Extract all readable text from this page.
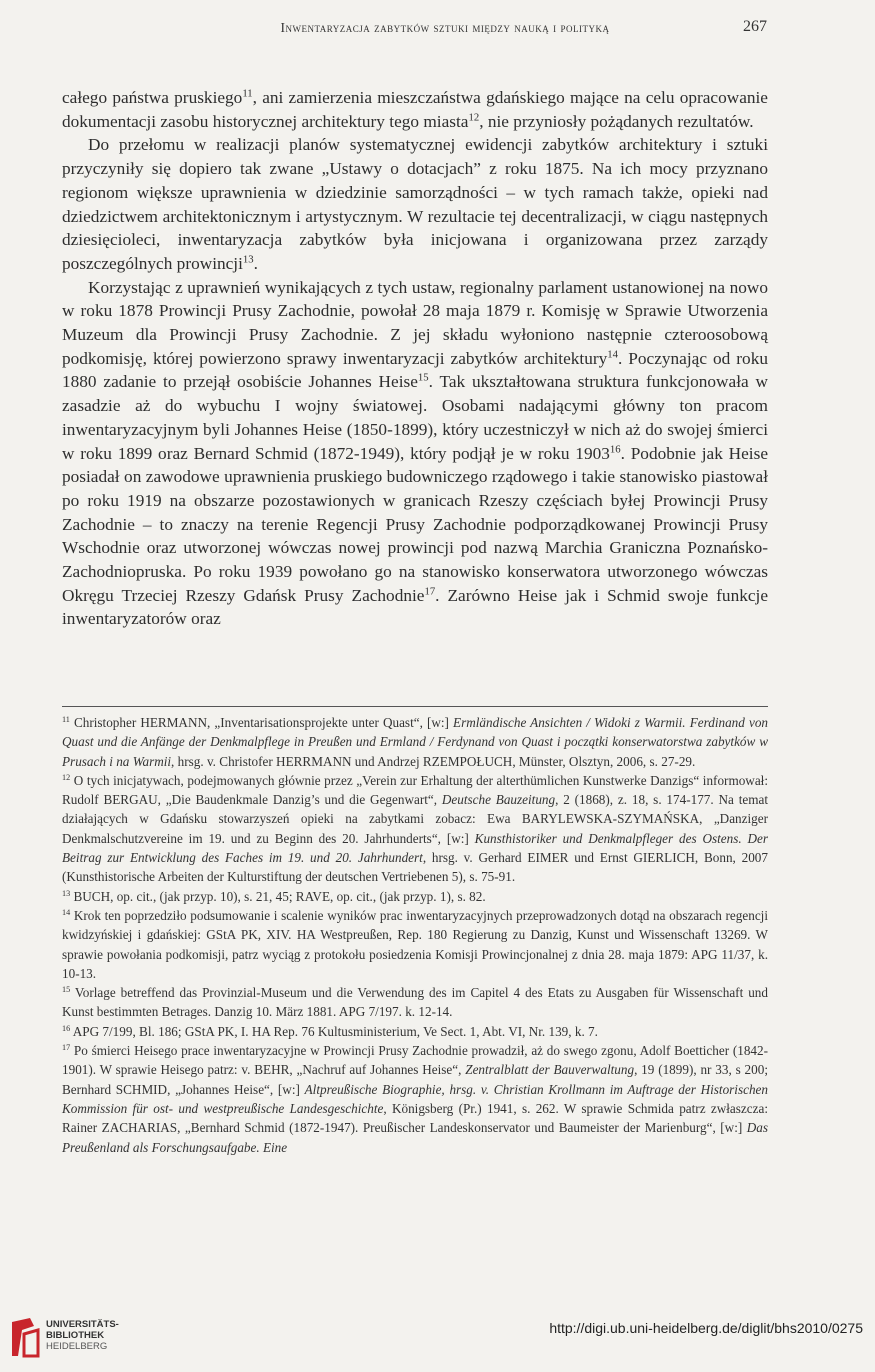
Inwentaryzacja zabytków sztuki między nauką i polityką	267

całego państwa pruskiego$^{11}$, ani zamierzenia mieszczaństwa gdańskiego mające na celu opracowanie dokumentacji zasobu historycznej architektury tego miasta$^{12}$, nie przyniosły pożądanych rezultatów.

Do przełomu w realizacji planów systematycznej ewidencji zabytków architektury i sztuki przyczyniły się dopiero tak zwane „Ustawy o dotacjach” z roku 1875. Na ich mocy przyznano regionom większe uprawnienia w dziedzinie samorządności – w tych ramach także, opieki nad dziedzictwem architektonicznym i artystycznym. W rezultacie tej decentralizacji, w ciągu następnych dziesięcioleci, inwentaryzacja zabytków była inicjowana i organizowana przez zarządy poszczególnych prowincji$^{13}$.

Korzystając z uprawnień wynikających z tych ustaw, regionalny parlament ustanowionej na nowo w roku 1878 Prowincji Prusy Zachodnie, powołał 28 maja 1879 r. Komisję w Sprawie Utworzenia Muzeum dla Prowincji Prusy Zachodnie. Z jej składu wyłoniono następnie czteroosobową podkomisję, której powierzono sprawy inwentaryzacji zabytków architektury$^{14}$. Poczynając od roku 1880 zadanie to przejął osobiście Johannes Heise$^{15}$. Tak ukształtowana struktura funkcjonowała w zasadzie aż do wybuchu I wojny światowej. Osobami nadającymi główny ton pracom inwentaryzacyjnym byli Johannes Heise (1850-1899), który uczestniczył w nich aż do swojej śmierci w roku 1899 oraz Bernard Schmid (1872-1949), który podjął je w roku 1903$^{16}$. Podobnie jak Heise posiadał on zawodowe uprawnienia pruskiego budowniczego rządowego i takie stanowisko piastował po roku 1919 na obszarze pozostawionych w granicach Rzeszy częściach byłej Prowincji Prusy Zachodnie – to znaczy na terenie Regencji Prusy Zachodnie podporządkowanej Prowincji Prusy Wschodnie oraz utworzonej wówczas nowej prowincji pod nazwą Marchia Graniczna Poznańsko-Zachodniopruska. Po roku 1939 powołano go na stanowisko konserwatora utworzonego wówczas Okręgu Trzeciej Rzeszy Gdańsk Prusy Zachodnie$^{17}$. Zarówno Heise jak i Schmid swoje funkcje inwentaryzatorów oraz

$^{11}$ Christopher HERMANN, „Inventarisationsprojekte unter Quast“, [w:] Ermländische Ansichten / Widoki z Warmii. Ferdinand von Quast und die Anfänge der Denkmalpflege in Preußen und Ermland / Ferdynand von Quast i początki konserwatorstwa zabytków w Prusach i na Warmii, hrsg. v. Christofer HERRMANN und Andrzej RZEMPOŁUCH, Münster, Olsztyn, 2006, s. 27-29.

$^{12}$ O tych inicjatywach, podejmowanych głównie przez „Verein zur Erhaltung der alterthümlichen Kunstwerke Danzigs“ informował: Rudolf BERGAU, „Die Baudenkmale Danzig’s und die Gegenwart“, Deutsche Bauzeitung, 2 (1868), z. 18, s. 174-177. Na temat działających w Gdańsku stowarzyszeń opieki na zabytkami zobacz: Ewa BARYLEWSKA-SZYMAŃSKA, „Danziger Denkmalschutzvereine im 19. und zu Beginn des 20. Jahrhunderts“, [w:] Kunsthistoriker und Denkmalpfleger des Ostens. Der Beitrag zur Entwicklung des Faches im 19. und 20. Jahrhundert, hrsg. v. Gerhard EIMER und Ernst GIERLICH, Bonn, 2007 (Kunsthistorische Arbeiten der Kulturstiftung der deutschen Vertriebenen 5), s. 75-91.

$^{13}$ BUCH, op. cit., (jak przyp. 10), s. 21, 45; RAVE, op. cit., (jak przyp. 1), s. 82.

$^{14}$ Krok ten poprzedziło podsumowanie i scalenie wyników prac inwentaryzacyjnych przeprowadzonych dotąd na obszarach regencji kwidzyńskiej i gdańskiej: GStA PK, XIV. HA Westpreußen, Rep. 180 Regierung zu Danzig, Kunst und Wissenschaft 13269. W sprawie powołania podkomisji, patrz wyciąg z protokołu posiedzenia Komisji Prowincjonalnej z dnia 28. maja 1879: APG 11/37, k. 10-13.

$^{15}$ Vorlage betreffend das Provinzial-Museum und die Verwendung des im Capitel 4 des Etats zu Ausgaben für Wissenschaft und Kunst bestimmten Betrages. Danzig 10. März 1881. APG 7/197. k. 12-14.

$^{16}$ APG 7/199, Bl. 186; GStA PK, I. HA Rep. 76 Kultusministerium, Ve Sect. 1, Abt. VI, Nr. 139, k. 7.

$^{17}$ Po śmierci Heisego prace inwentaryzacyjne w Prowincji Prusy Zachodnie prowadził, aż do swego zgonu, Adolf Boetticher (1842-1901). W sprawie Heisego patrz: v. BEHR, „Nachruf auf Johannes Heise“, Zentralblatt der Bauverwaltung, 19 (1899), nr 33, s 200; Bernhard SCHMID, „Johannes Heise“, [w:] Altpreußische Biographie, hrsg. v. Christian Krollmann im Auftrage der Historischen Kommission für ost- und westpreußische Landesgeschichte, Königsberg (Pr.) 1941, s. 262. W sprawie Schmida patrz zwłaszcza: Rainer ZACHARIAS, „Bernhard Schmid (1872-1947). Preußischer Landeskonservator und Baumeister der Marienburg“, [w:] Das Preußenland als Forschungsaufgabe. Eine

UNIVERSITÄTS-
BIBLIOTHEK
HEIDELBERG
http://digi.ub.uni-heidelberg.de/diglit/bhs2010/0275
